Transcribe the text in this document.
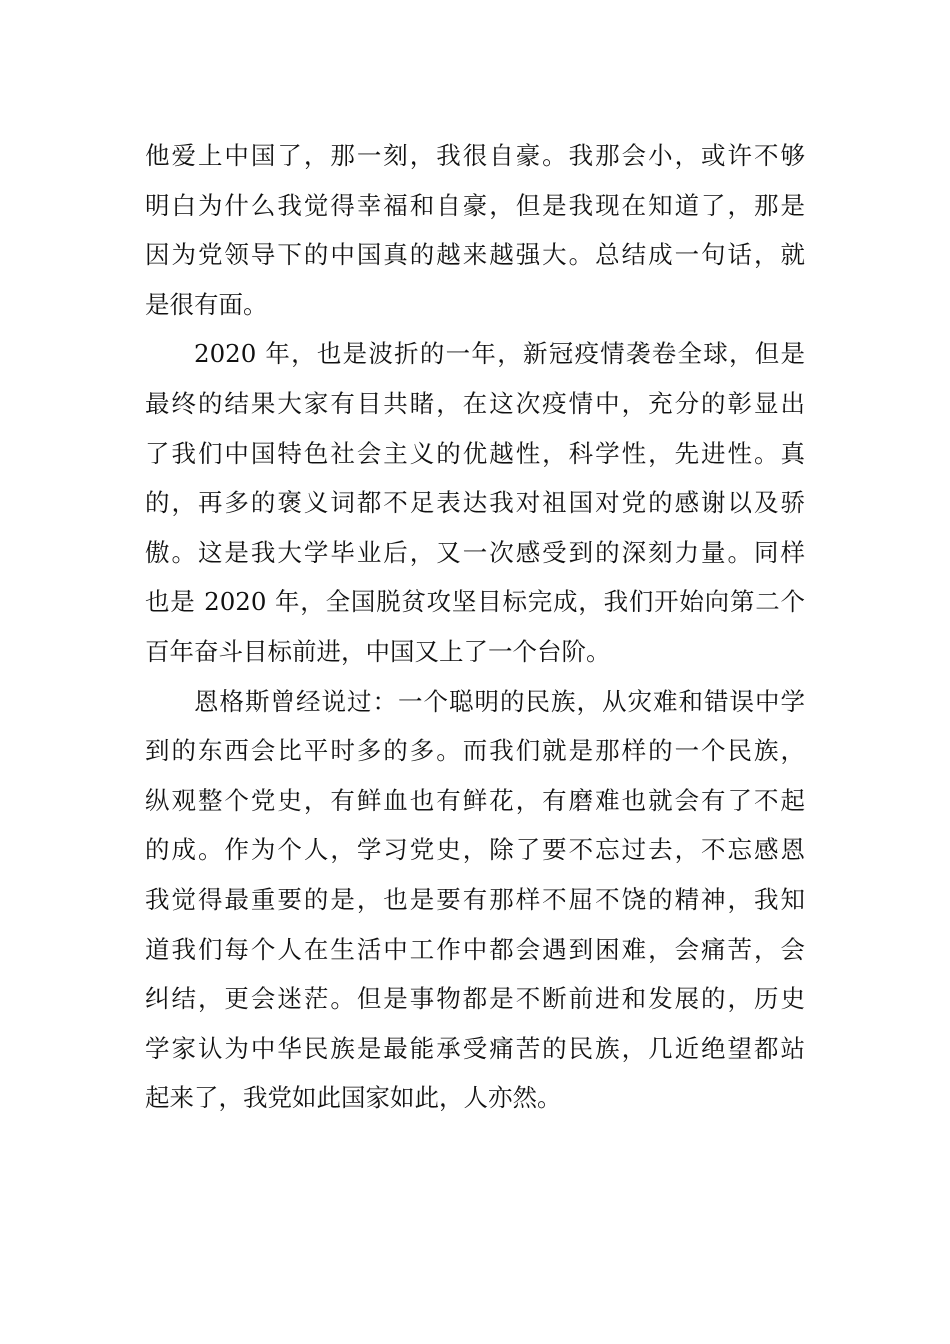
他爱上中国了，那一刻，我很自豪。我那会小，或许不够
明白为什么我觉得幸福和自豪，但是我现在知道了，那是
因为党领导下的中国真的越来越强大。总结成一句话，就
是很有面。
2020 年，也是波折的一年，新冠疫情袭卷全球，但是
最终的结果大家有目共睹，在这次疫情中，充分的彰显出
了我们中国特色社会主义的优越性，科学性，先进性。真
的，再多的褒义词都不足表达我对祖国对党的感谢以及骄
傲。这是我大学毕业后，又一次感受到的深刻力量。同样
也是 2020 年，全国脱贫攻坚目标完成，我们开始向第二个
百年奋斗目标前进，中国又上了一个台阶。
恩格斯曾经说过：一个聪明的民族，从灾难和错误中学
到的东西会比平时多的多。而我们就是那样的一个民族，
纵观整个党史，有鲜血也有鲜花，有磨难也就会有了不起
的成。作为个人，学习党史，除了要不忘过去，不忘感恩
我觉得最重要的是，也是要有那样不屈不饶的精神，我知
道我们每个人在生活中工作中都会遇到困难，会痛苦，会
纠结，更会迷茫。但是事物都是不断前进和发展的，历史
学家认为中华民族是最能承受痛苦的民族，几近绝望都站
起来了，我党如此国家如此，人亦然。
